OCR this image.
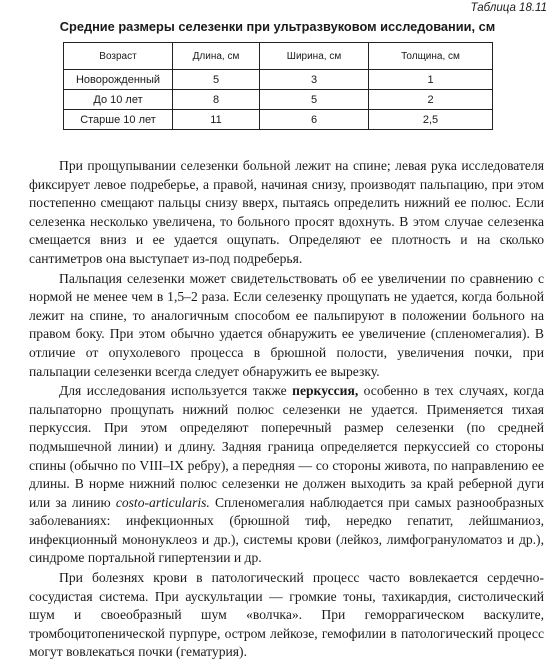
Таблица 18.11
Средние размеры селезенки при ультразвуковом исследовании, см
Возраст	Длина, см	Ширина, см	Толщина, см
Новорожденный	5	3	1
До 10 лет	8	5	2
Старше 10 лет	11	6	2,5

При прощупывании селезенки больной лежит на спине; левая рука исследователя фиксирует левое подреберье, а правой, начиная снизу, производят пальпацию, при этом постепенно смещают пальцы снизу вверх, пытаясь определить нижний ее полюс. Если селезенка несколько увеличена, то больного просят вдохнуть. В этом случае селезенка смещается вниз и ее удается ощупать. Определяют ее плотность и на сколько сантиметров она выступает из-под подреберья.

Пальпация селезенки может свидетельствовать об ее увеличении по сравнению с нормой не менее чем в 1,5–2 раза. Если селезенку прощупать не удается, когда больной лежит на спине, то аналогичным способом ее пальпируют в положении больного на правом боку. При этом обычно удается обнаружить ее увеличение (спленомегалия). В отличие от опухолевого процесса в брюшной полости, увеличения почки, при пальпации селезенки всегда следует обнаружить ее вырезку.

Для исследования используется также перкуссия, особенно в тех случаях, когда пальпаторно прощупать нижний полюс селезенки не удается. Применяется тихая перкуссия. При этом определяют поперечный размер селезенки (по средней подмышечной линии) и длину. Задняя граница определяется перкуссией со стороны спины (обычно по VIII–IX ребру), а передняя — со стороны живота, по направлению ее длины. В норме нижний полюс селезенки не должен выходить за край реберной дуги или за линию costo-articularis. Спленомегалия наблюдается при самых разнообразных заболеваниях: инфекционных (брюшной тиф, нередко гепатит, лейшманиоз, инфекционный мононуклеоз и др.), системы крови (лейкоз, лимфогрануломатоз и др.), синдроме портальной гипертензии и др.

При болезнях крови в патологический процесс часто вовлекается сердечно-сосудистая система. При аускультации — громкие тоны, тахикардия, систолический шум и своеобразный шум «волчка». При геморрагическом васкулите, тромбоцитопенической пурпуре, остром лейкозе, гемофилии в патологический процесс могут вовлекаться почки (гематурия).
